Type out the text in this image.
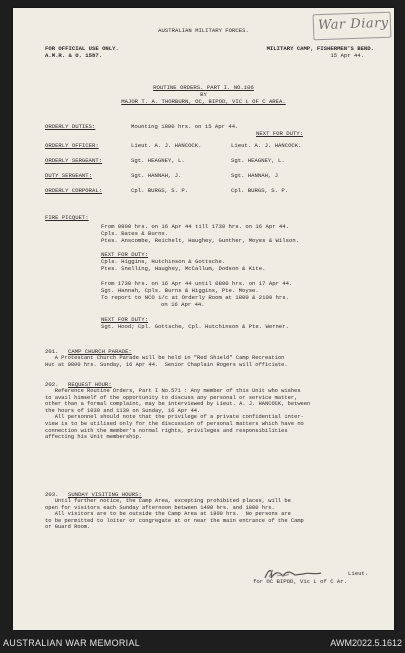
War Diary
AUSTRALIAN MILITARY FORCES.
FOR OFFICIAL USE ONLY.
A.M.R. & O. 1587.
MILITARY CAMP, FISHERMEN'S BEND.
15 Apr 44.
ROUTINE ORDERS. PART I. NO.106
BY
MAJOR T. A. THORBURN, OC, BIPOD, VIC L OF C AREA.
ORDERLY DUTIES:	Mounting 1800 hrs. on 15 Apr 44.
NEXT FOR DUTY:
ORDERLY OFFICER:	Lieut. A. J. HANCOCK.	Lieut. A. J. HANCOCK.
ORDERLY SERGEANT:	Sgt. HEAGNEY, L.	Sgt. HEAGNEY, L.
DUTY SERGEANT:	Sgt. HANNAH, J.	Sgt. HANNAH, J
ORDERLY CORPORAL:	Cpl. BURGS, S. P.	Cpl. BURGS, S. P.
FIRE PICQUET:
From 0800 hrs. on 16 Apr 44 till 1730 hrs. on 16 Apr 44.
Cpls. Bates & Burns.
Ptes. Anscombe, Reichelt, Haughey, Gunther, Moyes & Wilson.
NEXT FOR DUTY:
Cpls. Higgins, Hutchinson & Gottsche.
Ptes. Snelling, Haughey, McCallum, Dodson & Kite.
From 1730 hrs. on 16 Apr 44 until 0800 hrs. on 17 Apr 44.
Sgt. Hannah, Cpls. Burns & Higgins, Pte. Moyse.
To report to NCO i/c at Orderly Room at 1800 & 2100 hrs.
on 16 Apr 44.
NEXT FOR DUTY:
Sgt. Hood; Cpl. Gottsche, Cpl. Hutchinson & Pte. Werner.
201. CAMP CHURCH PARADE:
A Protestant Church Parade will be held in "Red Shield" Camp Recreation
Hut at 0800 hrs. Sunday, 16 Apr 44.  Senior Chaplain Rogers will officiate.
202. REQUEST HOUR:
Reference Routine Orders, Part I No.571 : Any member of this Unit who wishes
to avail himself of the opportunity to discuss any personal or service matter,
other than a formal complaint, may be interviewed by Lieut. A. J. HANCOCK, between
the hours of 1030 and 1130 on Sunday, 16 Apr 44.
All personnel should note that the privilege of a private confidential inter-
view is to be utilised only for the discussion of personal matters which have no
connection with the member's normal rights, privileges and responsibilities
affecting his Unit membership.
203. SUNDAY VISITING HOURS:
Until further notice, the Camp Area, excepting prohibited places, will be
open for visitors each Sunday afternoon between 1400 hrs. and 1800 hrs.
All visitors are to be outside the Camp Area at 1800 hrs.  No persons are
to be permitted to loiter or congregate at or near the main entrance of the Camp
or Guard Room.
Lieut.
for OC BIPOD, Vic L of C Ar.
AUSTRALIAN WAR MEMORIAL	AWM2022.5.1612
